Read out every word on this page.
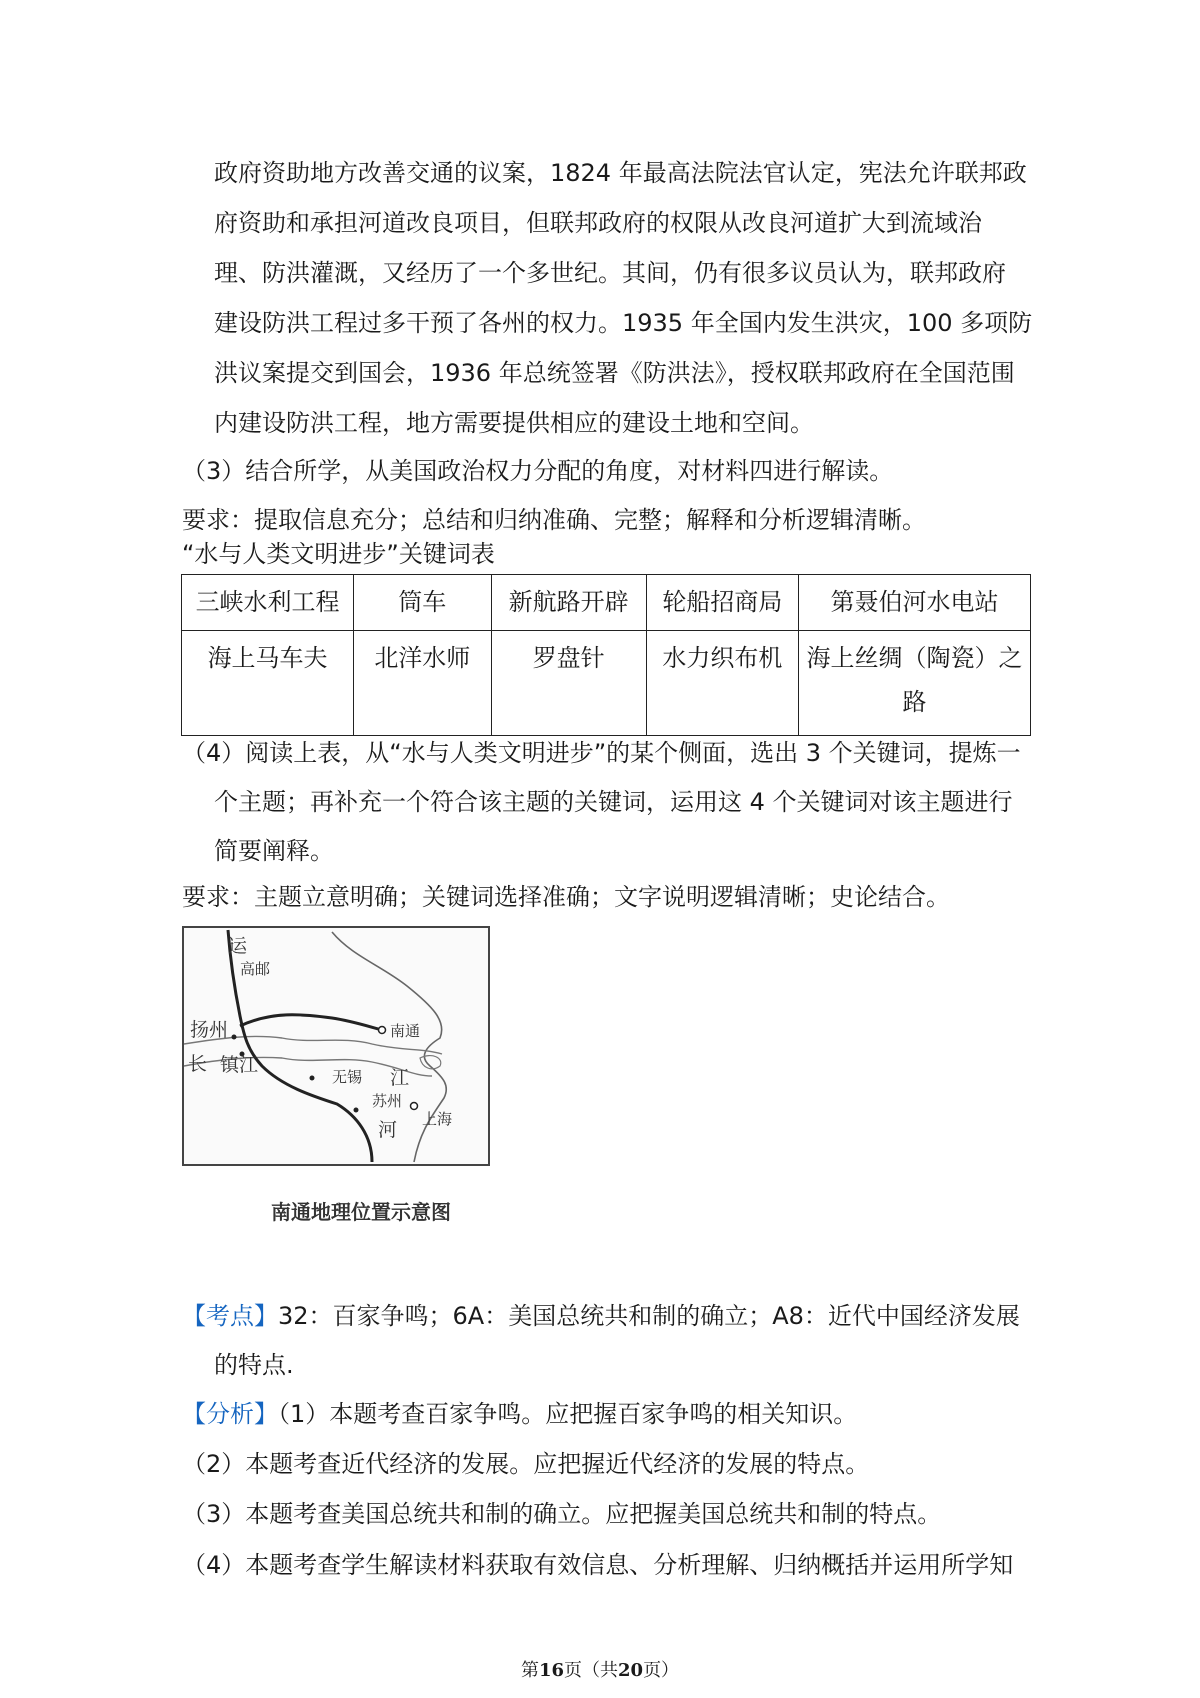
政府资助地方改善交通的议案，1824 年最高法院法官认定，宪法允许联邦政
府资助和承担河道改良项目，但联邦政府的权限从改良河道扩大到流域治
理、防洪灌溉，又经历了一个多世纪。其间，仍有很多议员认为，联邦政府
建设防洪工程过多干预了各州的权力。1935 年全国内发生洪灾，100 多项防
洪议案提交到国会，1936 年总统签署《防洪法》，授权联邦政府在全国范围
内建设防洪工程，地方需要提供相应的建设土地和空间。
（3）结合所学，从美国政治权力分配的角度，对材料四进行解读。
要求：提取信息充分；总结和归纳准确、完整；解释和分析逻辑清晰。
“水与人类文明进步”关键词表
三峡水利工程	筒车	新航路开辟	轮船招商局	第聂伯河水电站
海上马车夫	北洋水师	罗盘针	水力织布机	海上丝绸（陶瓷）之路
（4）阅读上表，从“水与人类文明进步”的某个侧面，选出 3 个关键词，提炼一
个主题；再补充一个符合该主题的关键词，运用这 4 个关键词对该主题进行
简要阐释。
要求：主题立意明确；关键词选择准确；文字说明逻辑清晰；史论结合。
运
高邮
扬州	南通
长 镇江
无锡 江
苏州
河 上海
南通地理位置示意图
【考点】32：百家争鸣；6A：美国总统共和制的确立；A8：近代中国经济发展
的特点.
【分析】（1）本题考查百家争鸣。应把握百家争鸣的相关知识。
（2）本题考查近代经济的发展。应把握近代经济的发展的特点。
（3）本题考查美国总统共和制的确立。应把握美国总统共和制的特点。
（4）本题考查学生解读材料获取有效信息、分析理解、归纳概括并运用所学知
第16页（共20页）
